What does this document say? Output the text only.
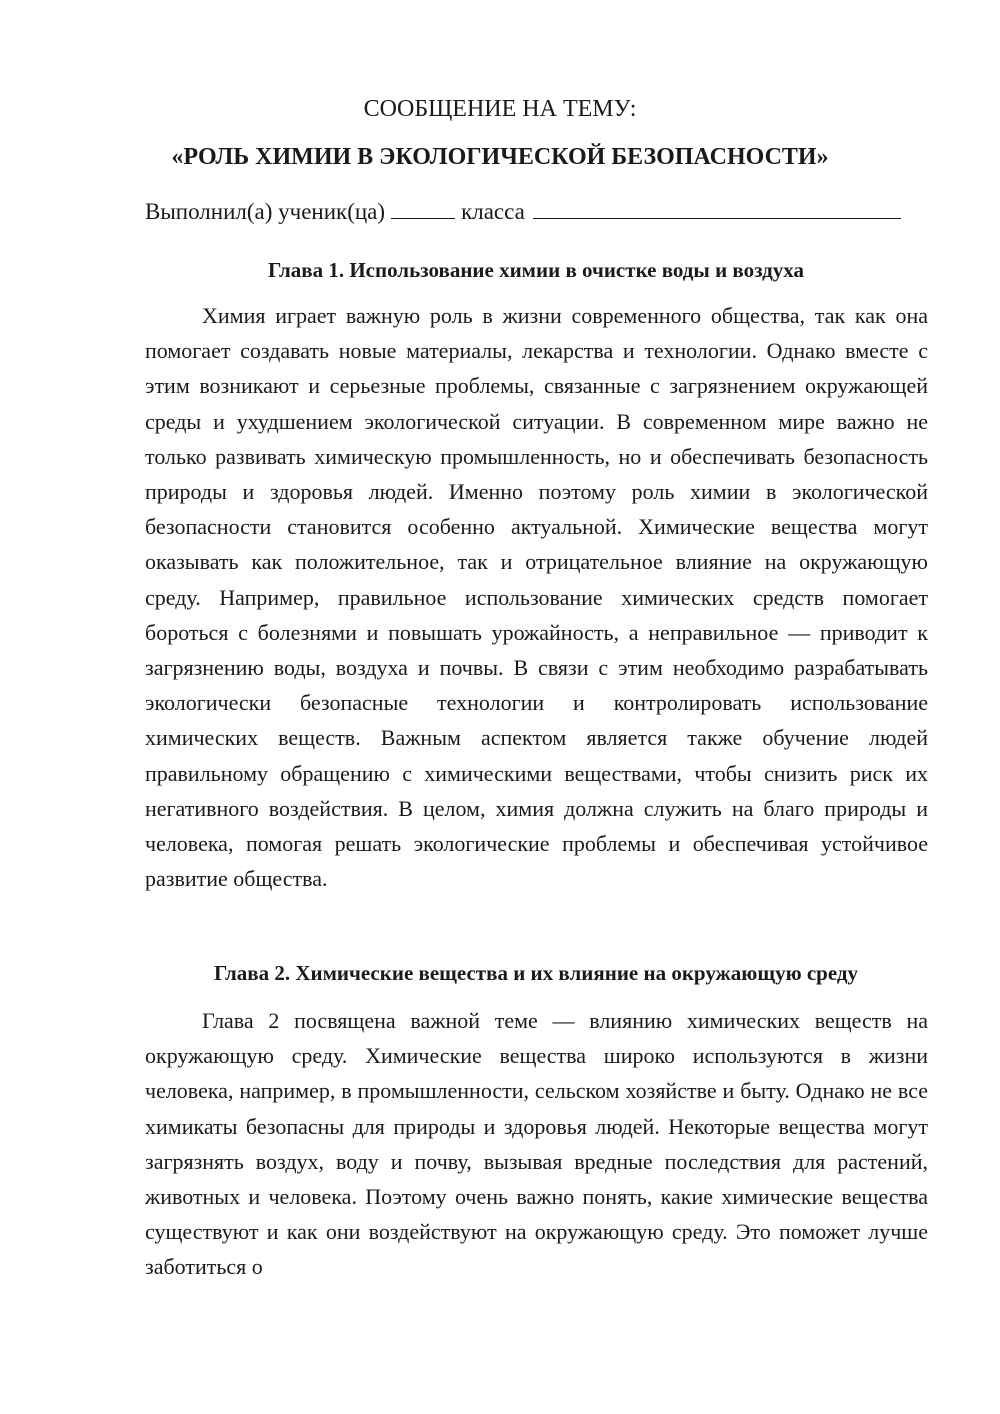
СООБЩЕНИЕ НА ТЕМУ:
«РОЛЬ ХИМИИ В ЭКОЛОГИЧЕСКОЙ БЕЗОПАСНОСТИ»
Выполнил(а) ученик(ца)	класса
Глава 1. Использование химии в очистке воды и воздуха

Химия играет важную роль в жизни современного общества, так как она помогает создавать новые материалы, лекарства и технологии. Однако вместе с этим возникают и серьезные проблемы, связанные с загрязнением окружающей среды и ухудшением экологической ситуации. В современном мире важно не только развивать химическую промышленность, но и обеспечивать безопасность природы и здоровья людей. Именно поэтому роль химии в экологической безопасности становится особенно актуальной. Химические вещества могут оказывать как положительное, так и отрицательное влияние на окружающую среду. Например, правильное использование химических средств помогает бороться с болезнями и повышать урожайность, а неправильное — приводит к загрязнению воды, воздуха и почвы. В связи с этим необходимо разрабатывать экологически безопасные технологии и контролировать использование химических веществ. Важным аспектом является также обучение людей правильному обращению с химическими веществами, чтобы снизить риск их негативного воздействия. В целом, химия должна служить на благо природы и человека, помогая решать экологические проблемы и обеспечивая устойчивое развитие общества.

Глава 2. Химические вещества и их влияние на окружающую среду

Глава 2 посвящена важной теме — влиянию химических веществ на окружающую среду. Химические вещества широко используются в жизни человека, например, в промышленности, сельском хозяйстве и быту. Однако не все химикаты безопасны для природы и здоровья людей. Некоторые вещества могут загрязнять воздух, воду и почву, вызывая вредные последствия для растений, животных и человека. Поэтому очень важно понять, какие химические вещества существуют и как они воздействуют на окружающую среду. Это поможет лучше заботиться о
